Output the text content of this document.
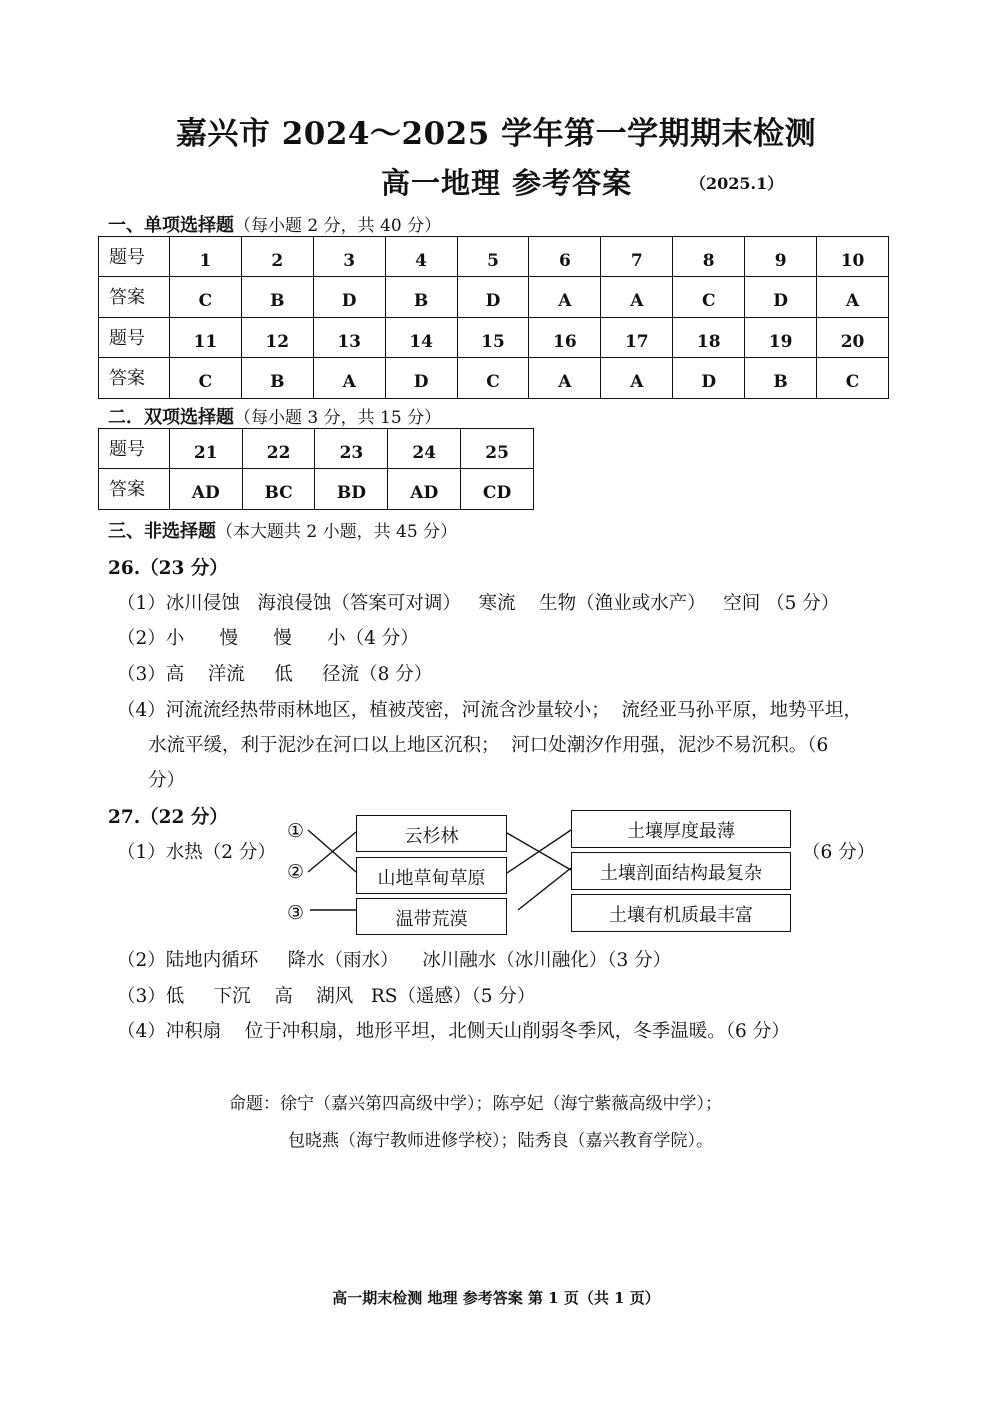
嘉兴市 2024～2025 学年第一学期期末检测
高一地理 参考答案	（2025.1）
一、单项选择题（每小题 2 分，共 40 分）
题号	1	2	3	4	5	6	7	8	9	10
答案	C	B	D	B	D	A	A	C	D	A
题号	11	12	13	14	15	16	17	18	19	20
答案	C	B	A	D	C	A	A	D	B	C
二．双项选择题（每小题 3 分，共 15 分）
题号	21	22	23	24	25
答案	AD	BC	BD	AD	CD
三、非选择题（本大题共 2 小题，共 45 分）
26.（23 分）
（1）冰川侵蚀   海浪侵蚀（答案可对调）   寒流    生物（渔业或水产）   空间 （5 分）
（2）小      慢      慢      小（4 分）
（3）高    洋流     低     径流（8 分）
（4）河流流经热带雨林地区，植被茂密，河流含沙量较小；  流经亚马孙平原，地势平坦，
水流平缓，利于泥沙在河口以上地区沉积；  河口处潮汐作用强，泥沙不易沉积。（6
分）
27.（22 分）
（1）水热（2 分）
①
②
③
云杉林
山地草甸草原
温带荒漠
土壤厚度最薄
土壤剖面结构最复杂
土壤有机质最丰富
（6 分）
（2）陆地内循环     降水（雨水）    冰川融水（冰川融化）（3 分）
（3）低     下沉    高    湖风   RS（遥感）（5 分）
（4）冲积扇    位于冲积扇，地形平坦，北侧天山削弱冬季风，冬季温暖。（6 分）
命题：徐宁（嘉兴第四高级中学）；陈亭妃（海宁紫薇高级中学）；
包晓燕（海宁教师进修学校）；陆秀良（嘉兴教育学院）。
高一期末检测 地理 参考答案 第 1 页（共 1 页）
